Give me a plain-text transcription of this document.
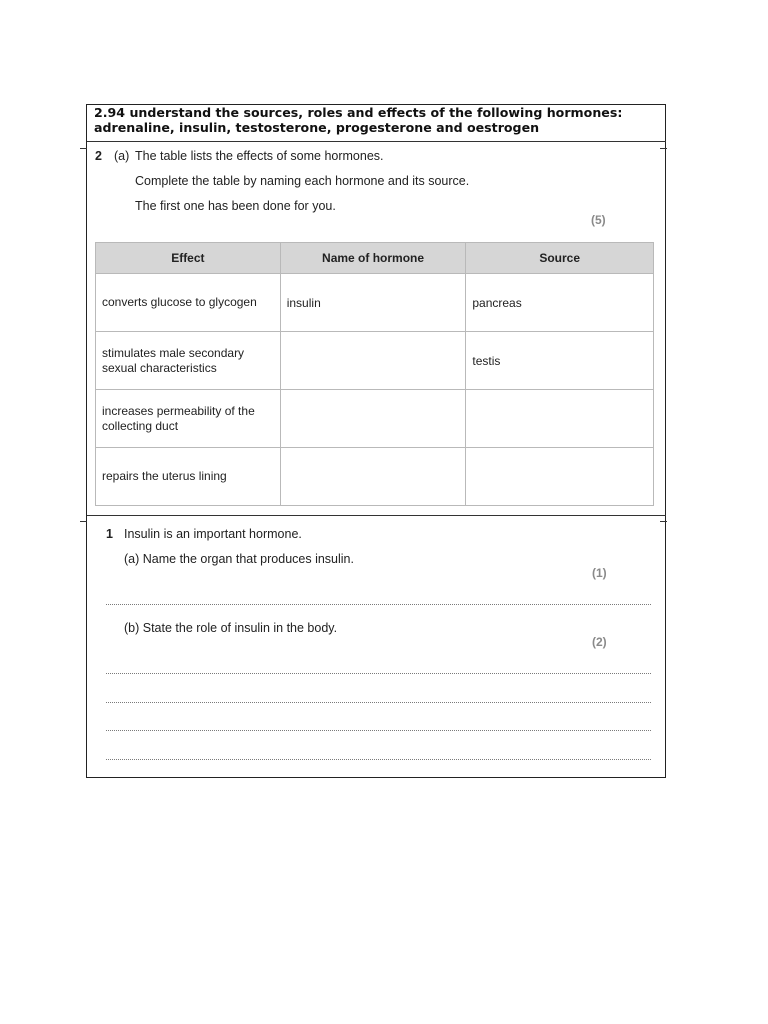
2.94 understand the sources, roles and effects of the following hormones:
adrenaline, insulin, testosterone, progesterone and oestrogen
2 (a) The table lists the effects of some hormones.
Complete the table by naming each hormone and its source.
The first one has been done for you.
(5)
Effect	Name of hormone	Source

converts glucose to glycogen	insulin	pancreas

stimulates male secondary
sexual characteristics		testis

increases permeability of the
collecting duct		

repairs the uterus lining		

1 Insulin is an important hormone.
(a) Name the organ that produces insulin.
(1)
(b) State the role of insulin in the body.
(2)
